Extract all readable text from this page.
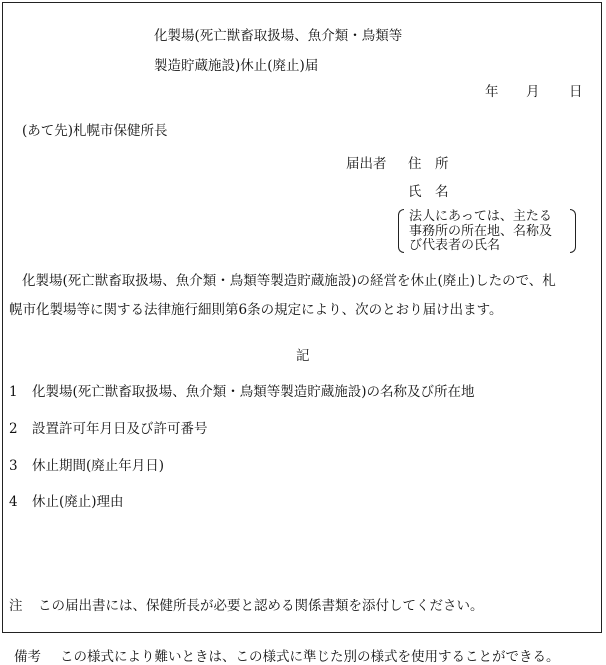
化製場(死亡獣畜取扱場、魚介類・鳥類等
製造貯蔵施設)休止(廃止)届
年 月 日
(あて先)札幌市保健所長
届出者 住　所
氏　名
法人にあっては、主たる
事務所の所在地、名称及
び代表者の氏名
化製場(死亡獣畜取扱場、魚介類・鳥類等製造貯蔵施設)の経営を休止(廃止)したので、札
幌市化製場等に関する法律施行細則第6条の規定により、次のとおり届け出ます。
記
1 化製場(死亡獣畜取扱場、魚介類・鳥類等製造貯蔵施設)の名称及び所在地
2 設置許可年月日及び許可番号
3 休止期間(廃止年月日)
4 休止(廃止)理由
注 この届出書には、保健所長が必要と認める関係書類を添付してください。
備考 この様式により難いときは、この様式に準じた別の様式を使用することができる。
